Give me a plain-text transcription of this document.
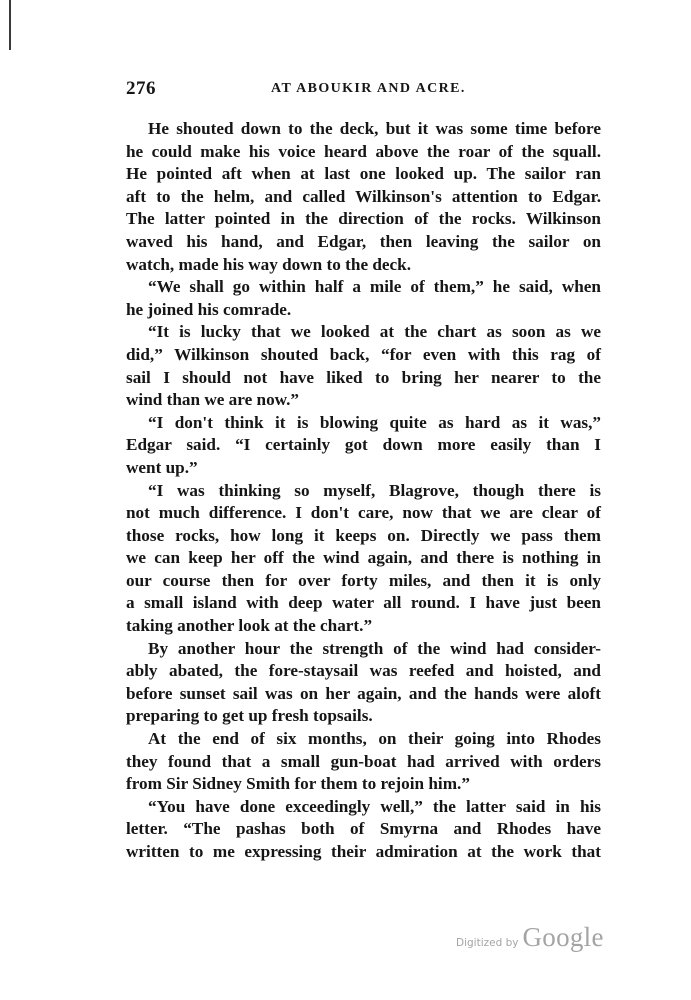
276	AT ABOUKIR AND ACRE.

He shouted down to the deck, but it was some time before
he could make his voice heard above the roar of the squall.
He pointed aft when at last one looked up. The sailor ran
aft to the helm, and called Wilkinson's attention to Edgar.
The latter pointed in the direction of the rocks. Wilkinson
waved his hand, and Edgar, then leaving the sailor on
watch, made his way down to the deck.

“We shall go within half a mile of them,” he said, when
he joined his comrade.

“It is lucky that we looked at the chart as soon as we
did,” Wilkinson shouted back, “for even with this rag of
sail I should not have liked to bring her nearer to the
wind than we are now.”

“I don't think it is blowing quite as hard as it was,”
Edgar said. “I certainly got down more easily than I
went up.”

“I was thinking so myself, Blagrove, though there is
not much difference. I don't care, now that we are clear of
those rocks, how long it keeps on. Directly we pass them
we can keep her off the wind again, and there is nothing in
our course then for over forty miles, and then it is only
a small island with deep water all round. I have just been
taking another look at the chart.”

By another hour the strength of the wind had consider-
ably abated, the fore-staysail was reefed and hoisted, and
before sunset sail was on her again, and the hands were aloft
preparing to get up fresh topsails.

At the end of six months, on their going into Rhodes
they found that a small gun-boat had arrived with orders
from Sir Sidney Smith for them to rejoin him.”

“You have done exceedingly well,” the latter said in his
letter. “The pashas both of Smyrna and Rhodes have
written to me expressing their admiration at the work that

Digitized by Google
